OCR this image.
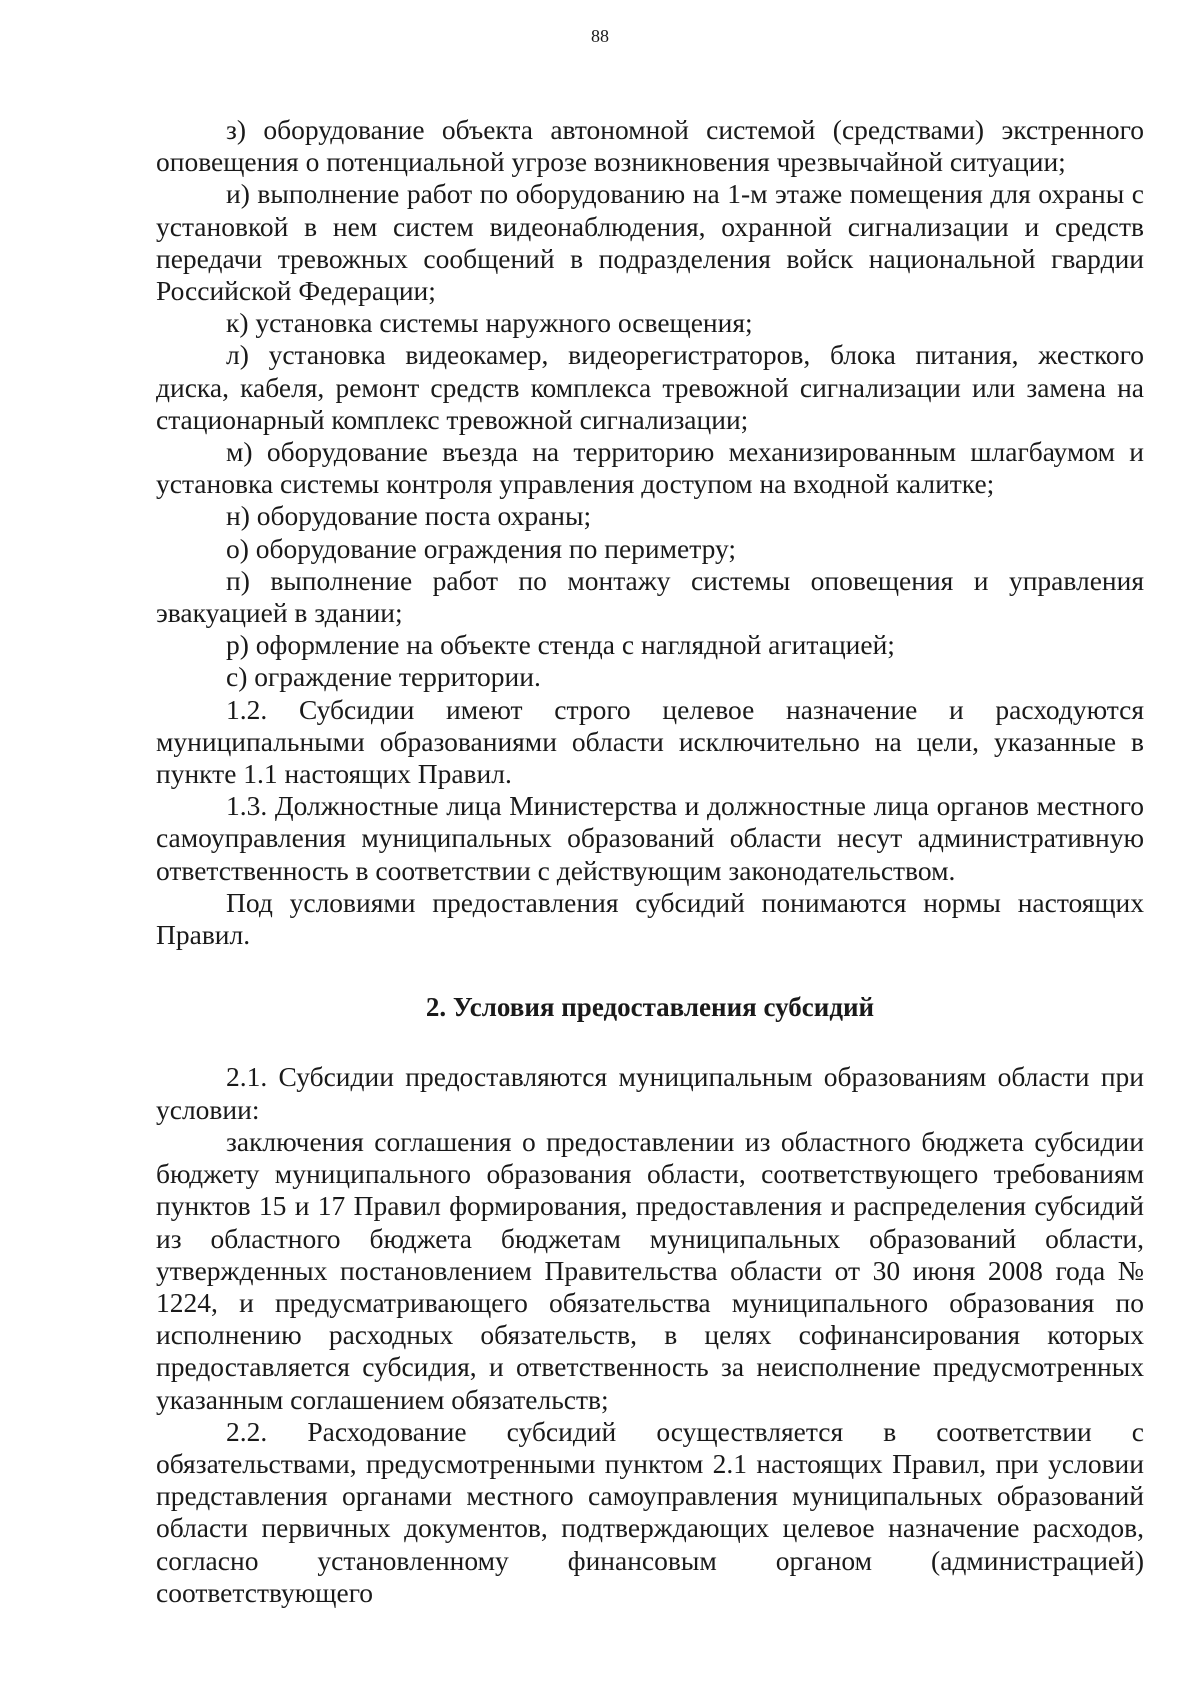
88

з) оборудование объекта автономной системой (средствами) экстренного оповещения о потенциальной угрозе возникновения чрезвычайной ситуации;

и) выполнение работ по оборудованию на 1-м этаже помещения для охраны с установкой в нем систем видеонаблюдения, охранной сигнализации и средств передачи тревожных сообщений в подразделения войск национальной гвардии Российской Федерации;

к) установка системы наружного освещения;

л) установка видеокамер, видеорегистраторов, блока питания, жесткого диска, кабеля, ремонт средств комплекса тревожной сигнализации или замена на стационарный комплекс тревожной сигнализации;

м) оборудование въезда на территорию механизированным шлагбаумом и установка системы контроля управления доступом на входной калитке;

н) оборудование поста охраны;

о) оборудование ограждения по периметру;

п) выполнение работ по монтажу системы оповещения и управления эвакуацией в здании;

р) оформление на объекте стенда с наглядной агитацией;

с) ограждение территории.

1.2. Субсидии имеют строго целевое назначение и расходуются муниципальными образованиями области исключительно на цели, указанные в пункте 1.1 настоящих Правил.

1.3. Должностные лица Министерства и должностные лица органов местного самоуправления муниципальных образований области несут административную ответственность в соответствии с действующим законодательством.

Под условиями предоставления субсидий понимаются нормы настоящих Правил.

2. Условия предоставления субсидий

2.1. Субсидии предоставляются муниципальным образованиям области при условии:

заключения соглашения о предоставлении из областного бюджета субсидии бюджету муниципального образования области, соответствующего требованиям пунктов 15 и 17 Правил формирования, предоставления и распределения субсидий из областного бюджета бюджетам муниципальных образований области, утвержденных постановлением Правительства области от 30 июня 2008 года № 1224, и предусматривающего обязательства муниципального образования по исполнению расходных обязательств, в целях софинансирования которых предоставляется субсидия, и ответственность за неисполнение предусмотренных указанным соглашением обязательств;

2.2. Расходование субсидий осуществляется в соответствии с обязательствами, предусмотренными пунктом 2.1 настоящих Правил, при условии представления органами местного самоуправления муниципальных образований области первичных документов, подтверждающих целевое назначение расходов, согласно установленному финансовым органом (администрацией) соответствующего
